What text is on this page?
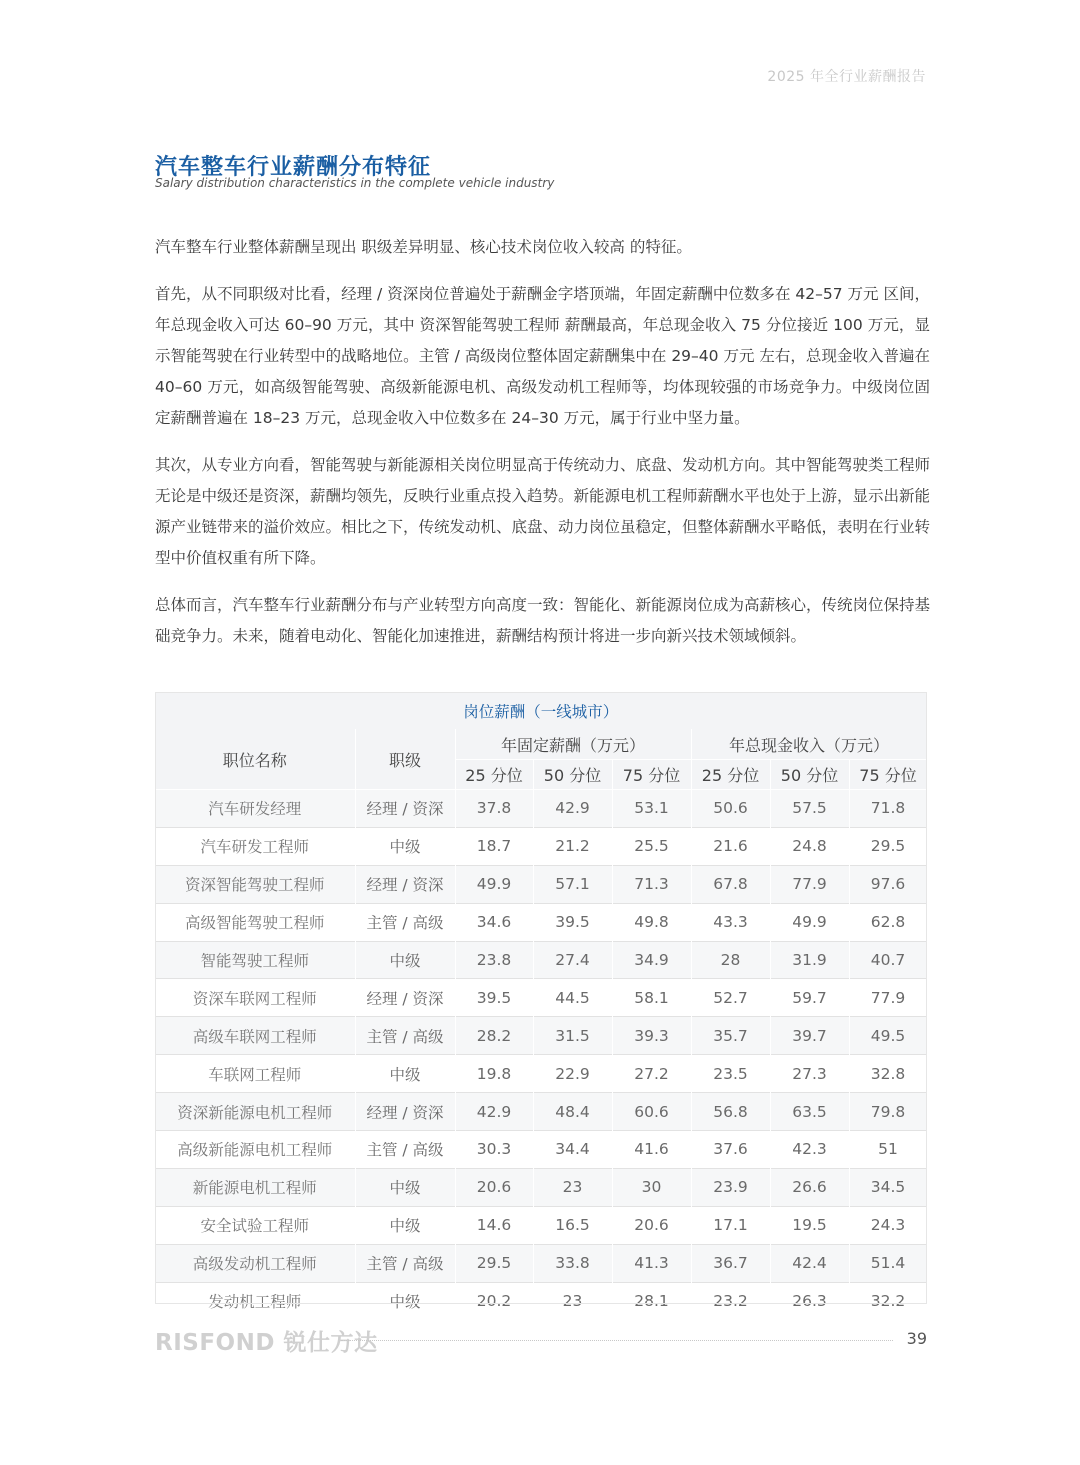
2025 年全行业薪酬报告
汽车整车行业薪酬分布特征
Salary distribution characteristics in the complete vehicle industry

汽车整车行业整体薪酬呈现出 职级差异明显、核心技术岗位收入较高 的特征。

首先，从不同职级对比看，经理 / 资深岗位普遍处于薪酬金字塔顶端，年固定薪酬中位数多在 42–57 万元 区间，年总现金收入可达 60–90 万元，其中 资深智能驾驶工程师 薪酬最高，年总现金收入 75 分位接近 100 万元，显示智能驾驶在行业转型中的战略地位。主管 / 高级岗位整体固定薪酬集中在 29–40 万元 左右，总现金收入普遍在 40–60 万元，如高级智能驾驶、高级新能源电机、高级发动机工程师等，均体现较强的市场竞争力。中级岗位固定薪酬普遍在 18–23 万元，总现金收入中位数多在 24–30 万元，属于行业中坚力量。

其次，从专业方向看，智能驾驶与新能源相关岗位明显高于传统动力、底盘、发动机方向。其中智能驾驶类工程师无论是中级还是资深，薪酬均领先，反映行业重点投入趋势。新能源电机工程师薪酬水平也处于上游，显示出新能源产业链带来的溢价效应。相比之下，传统发动机、底盘、动力岗位虽稳定，但整体薪酬水平略低，表明在行业转型中价值权重有所下降。

总体而言，汽车整车行业薪酬分布与产业转型方向高度一致：智能化、新能源岗位成为高薪核心，传统岗位保持基础竞争力。未来，随着电动化、智能化加速推进，薪酬结构预计将进一步向新兴技术领域倾斜。

岗位薪酬（一线城市）							
职位名称	职级	年固定薪酬（万元）			年总现金收入（万元）		
		25 分位	50 分位	75 分位	25 分位	50 分位	75 分位
汽车研发经理	经理 / 资深	37.8	42.9	53.1	50.6	57.5	71.8
汽车研发工程师	中级	18.7	21.2	25.5	21.6	24.8	29.5
资深智能驾驶工程师	经理 / 资深	49.9	57.1	71.3	67.8	77.9	97.6
高级智能驾驶工程师	主管 / 高级	34.6	39.5	49.8	43.3	49.9	62.8
智能驾驶工程师	中级	23.8	27.4	34.9	28	31.9	40.7
资深车联网工程师	经理 / 资深	39.5	44.5	58.1	52.7	59.7	77.9
高级车联网工程师	主管 / 高级	28.2	31.5	39.3	35.7	39.7	49.5
车联网工程师	中级	19.8	22.9	27.2	23.5	27.3	32.8
资深新能源电机工程师	经理 / 资深	42.9	48.4	60.6	56.8	63.5	79.8
高级新能源电机工程师	主管 / 高级	30.3	34.4	41.6	37.6	42.3	51
新能源电机工程师	中级	20.6	23	30	23.9	26.6	34.5
安全试验工程师	中级	14.6	16.5	20.6	17.1	19.5	24.3
高级发动机工程师	主管 / 高级	29.5	33.8	41.3	36.7	42.4	51.4
发动机工程师	中级	20.2	23	28.1	23.2	26.3	32.2
RISFOND 锐仕方达	39
